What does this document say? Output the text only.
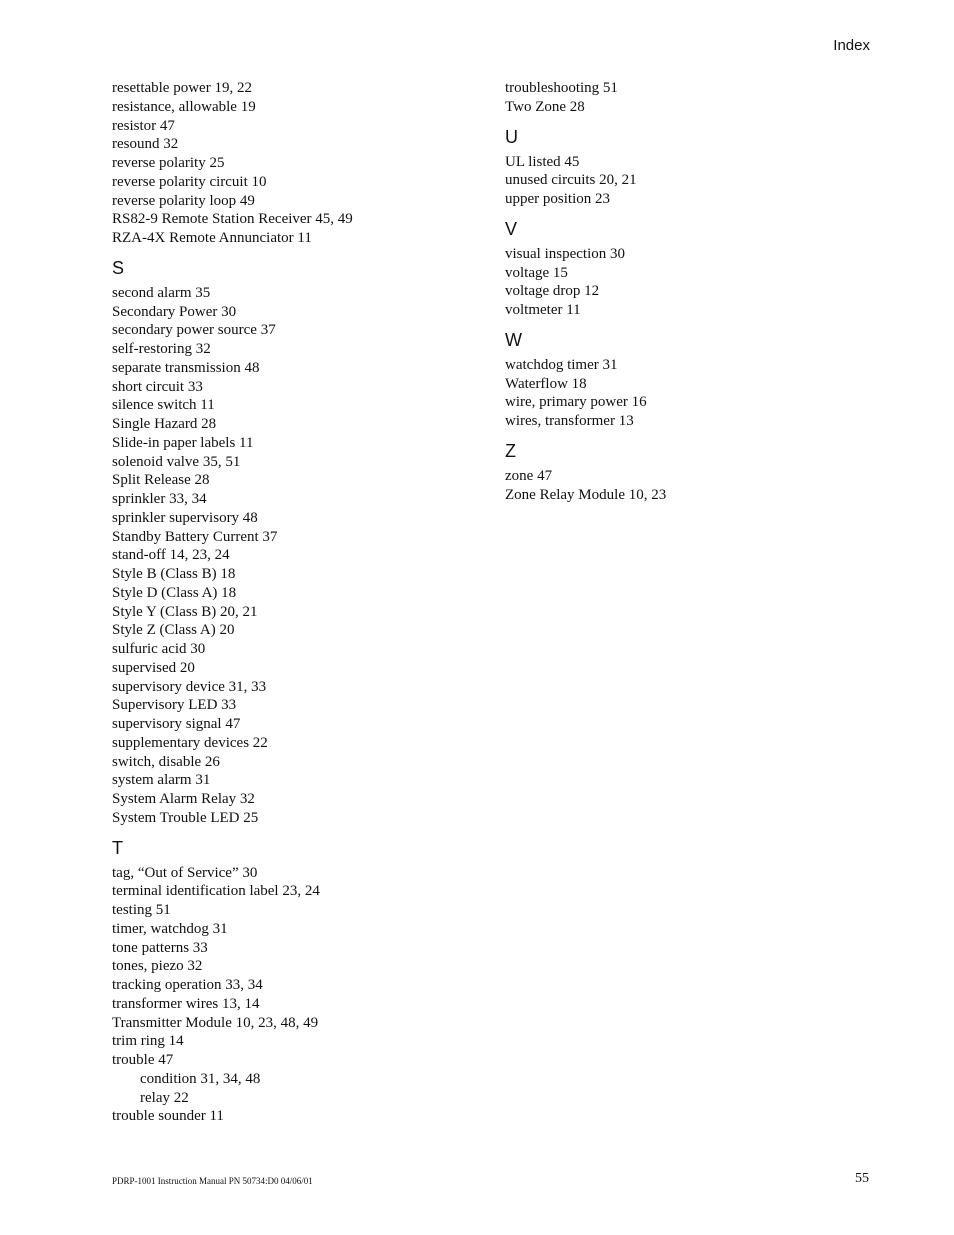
Index
resettable power 19, 22
resistance, allowable 19
resistor 47
resound 32
reverse polarity 25
reverse polarity circuit 10
reverse polarity loop 49
RS82-9 Remote Station Receiver 45, 49
RZA-4X Remote Annunciator 11
S
second alarm 35
Secondary Power 30
secondary power source 37
self-restoring 32
separate transmission 48
short circuit 33
silence switch 11
Single Hazard 28
Slide-in paper labels 11
solenoid valve 35, 51
Split Release 28
sprinkler 33, 34
sprinkler supervisory 48
Standby Battery Current 37
stand-off 14, 23, 24
Style B (Class B) 18
Style D (Class A) 18
Style Y (Class B) 20, 21
Style Z (Class A) 20
sulfuric acid 30
supervised 20
supervisory device 31, 33
Supervisory LED 33
supervisory signal 47
supplementary devices 22
switch, disable 26
system alarm 31
System Alarm Relay 32
System Trouble LED 25
T
tag, “Out of Service” 30
terminal identification label 23, 24
testing 51
timer, watchdog 31
tone patterns 33
tones, piezo 32
tracking operation 33, 34
transformer wires 13, 14
Transmitter Module 10, 23, 48, 49
trim ring 14
trouble 47
condition 31, 34, 48
relay 22
trouble sounder 11
troubleshooting 51
Two Zone 28
U
UL listed 45
unused circuits 20, 21
upper position 23
V
visual inspection 30
voltage 15
voltage drop 12
voltmeter 11
W
watchdog timer 31
Waterflow 18
wire, primary power 16
wires, transformer 13
Z
zone 47
Zone Relay Module 10, 23
PDRP-1001 Instruction Manual PN 50734:D0 04/06/01	55
